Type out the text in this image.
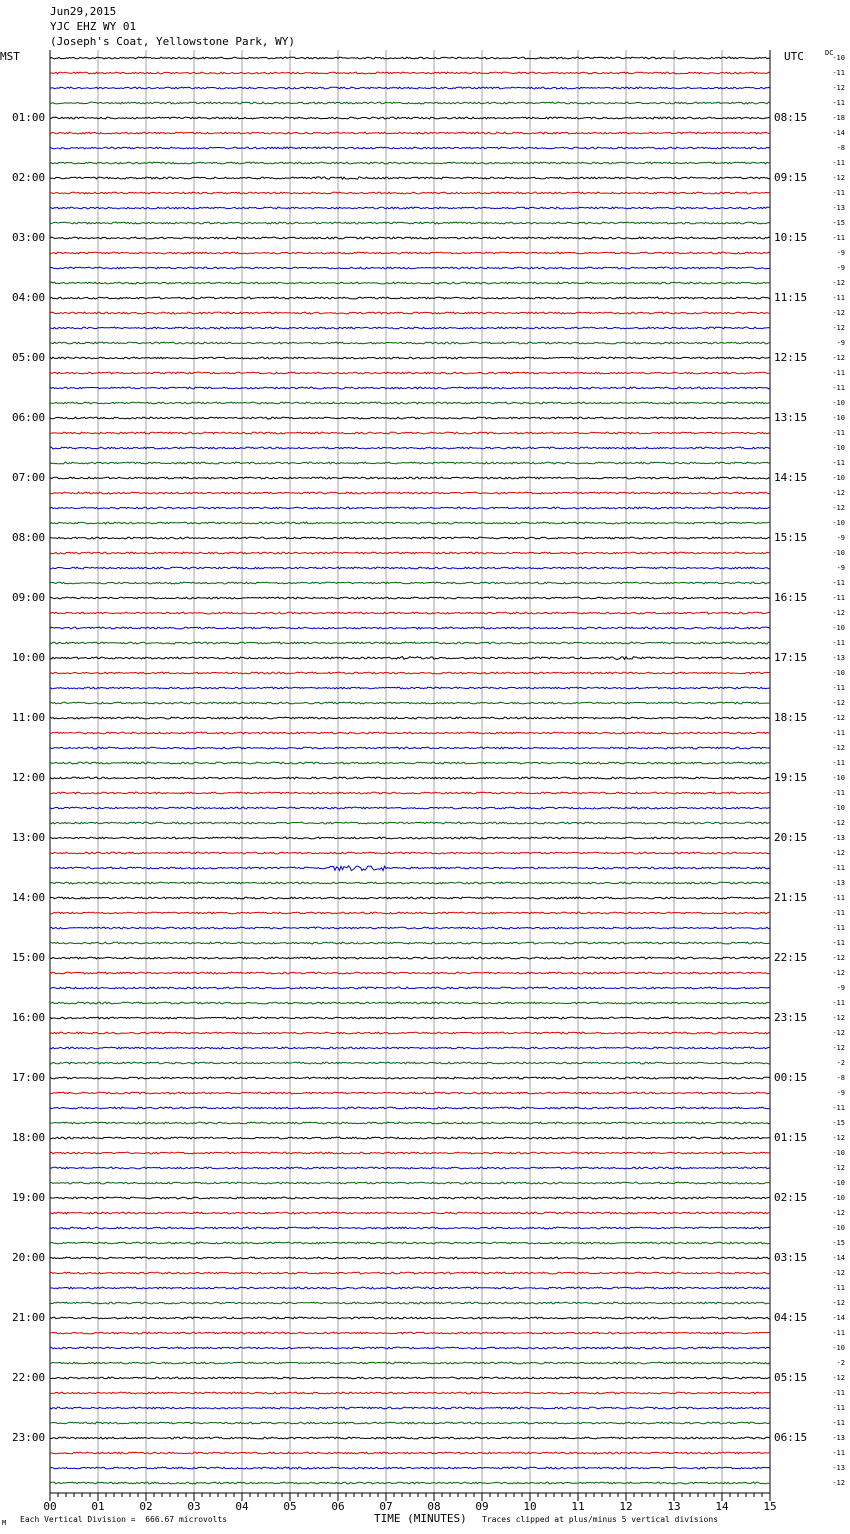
Jun29,2015
YJC EHZ WY 01
(Joseph's Coat, Yellowstone Park, WY)
MST	UTC	DC
00	01	02	03	04	05	06	07	08	09	10	11	12	13	14	15
01:00
02:00
03:00
04:00
05:00
06:00
07:00
08:00
09:00
10:00
11:00
12:00
13:00
14:00
15:00
16:00
17:00
18:00
19:00
20:00
21:00
22:00
23:00
08:15
09:15
10:15
11:15
12:15
13:15
14:15
15:15
16:15
17:15
18:15
19:15
20:15
21:15
22:15
23:15
00:15
01:15
02:15
03:15
04:15
05:15
06:15
-10
-11
-12
-11
-18
-14
-8
-11
-12
-11
-13
-15
-11
-9
-9
-12
-11
-12
-12
-9
-12
-11
-11
-10
-10
-11
-10
-11
-10
-12
-12
-10
-9
-10
-9
-11
-11
-12
-10
-11
-13
-10
-11
-12
-12
-11
-12
-11
-10
-11
-10
-12
-13
-12
-11
-13
-11
-11
-11
-11
-12
-12
-9
-11
-12
-12
-12
-2
-8
-9
-11
-15
-12
-10
-12
-10
-10
-12
-10
-15
-14
-12
-11
-12
-14
-11
-10
-2
-12
-11
-11
-11
-13
-11
-13
-12
M Each Vertical Division =  666.67 microvolts	TIME (MINUTES) Traces clipped at plus/minus 5 vertical divisions
